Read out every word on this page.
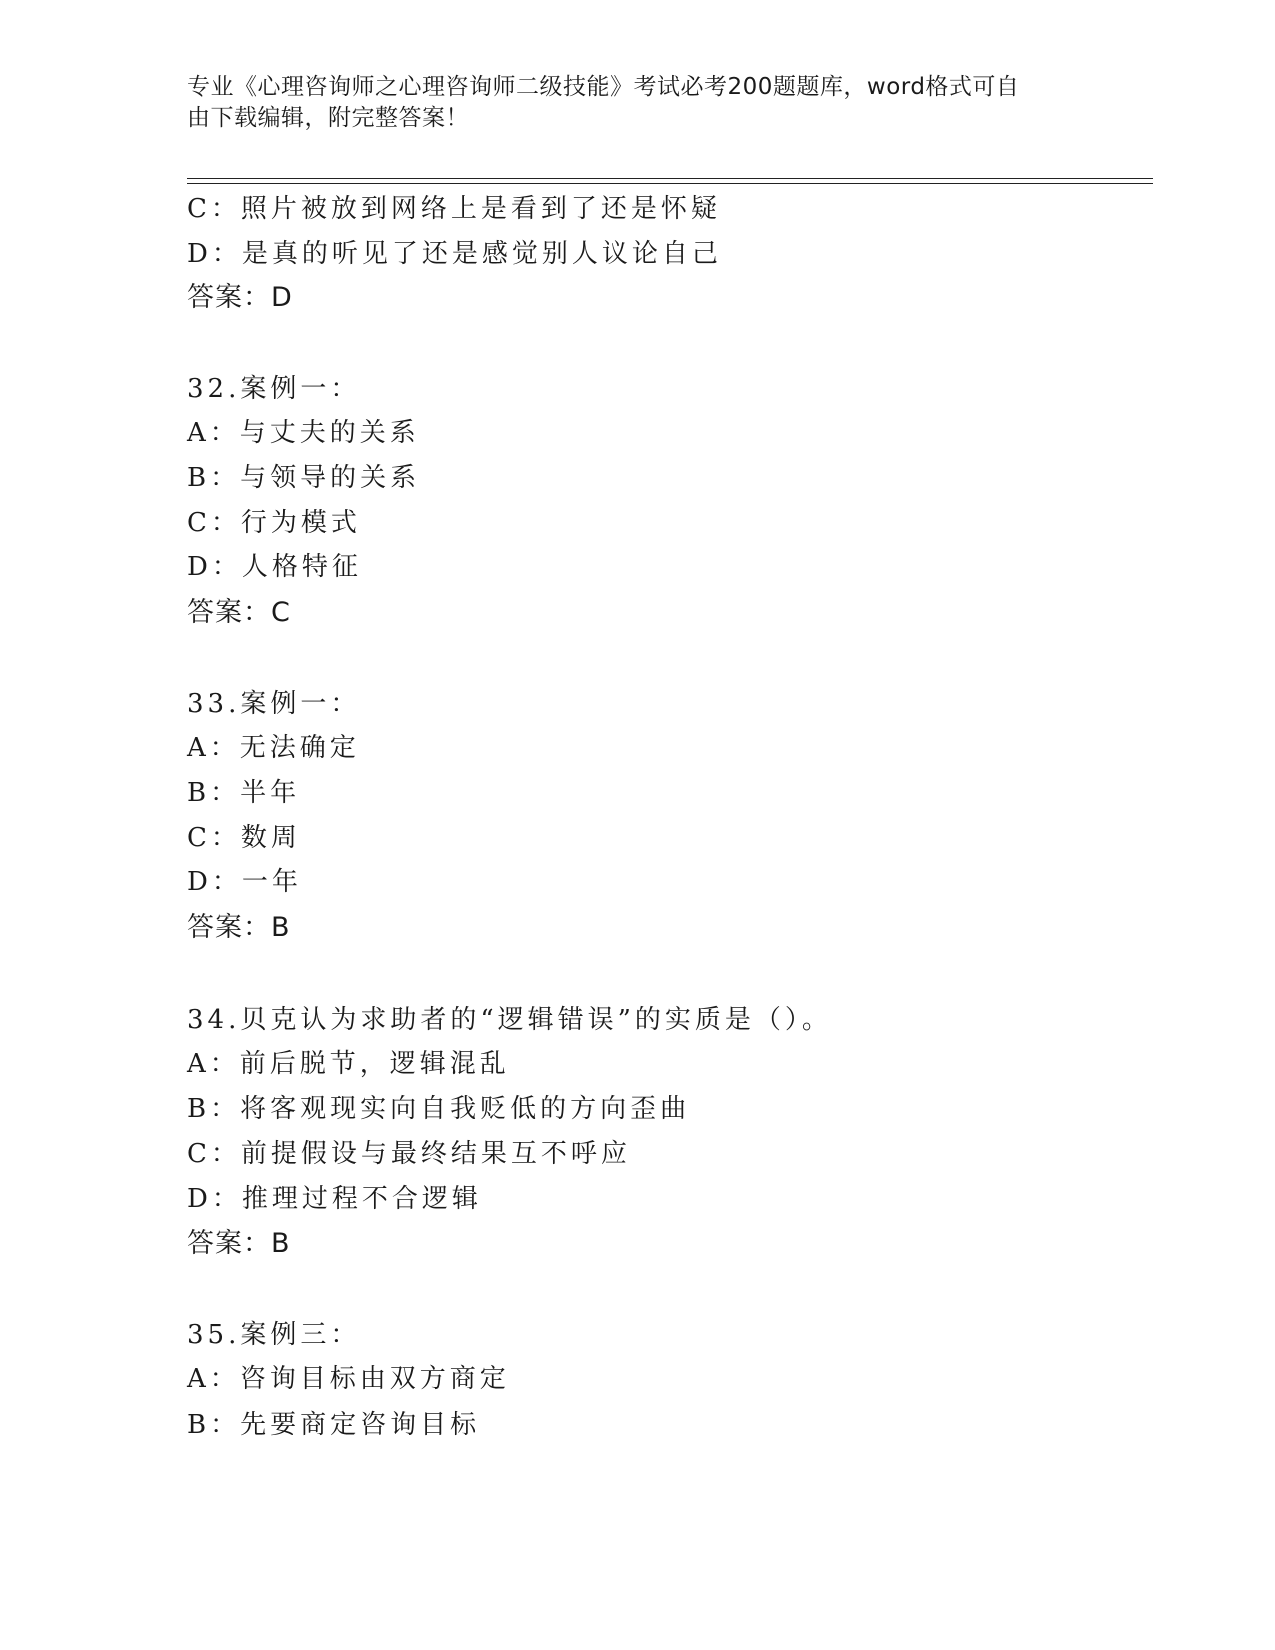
专业《心理咨询师之心理咨询师二级技能》考试必考200题题库，word格式可自
由下载编辑，附完整答案！
C：照片被放到网络上是看到了还是怀疑
D：是真的听见了还是感觉别人议论自己
答案：D
32.案例一：
A：与丈夫的关系
B：与领导的关系
C：行为模式
D：人格特征
答案：C
33.案例一：
A：无法确定
B：半年
C：数周
D：一年
答案：B
34.贝克认为求助者的“逻辑错误”的实质是（）。
A：前后脱节，逻辑混乱
B：将客观现实向自我贬低的方向歪曲
C：前提假设与最终结果互不呼应
D：推理过程不合逻辑
答案：B
35.案例三：
A：咨询目标由双方商定
B：先要商定咨询目标
